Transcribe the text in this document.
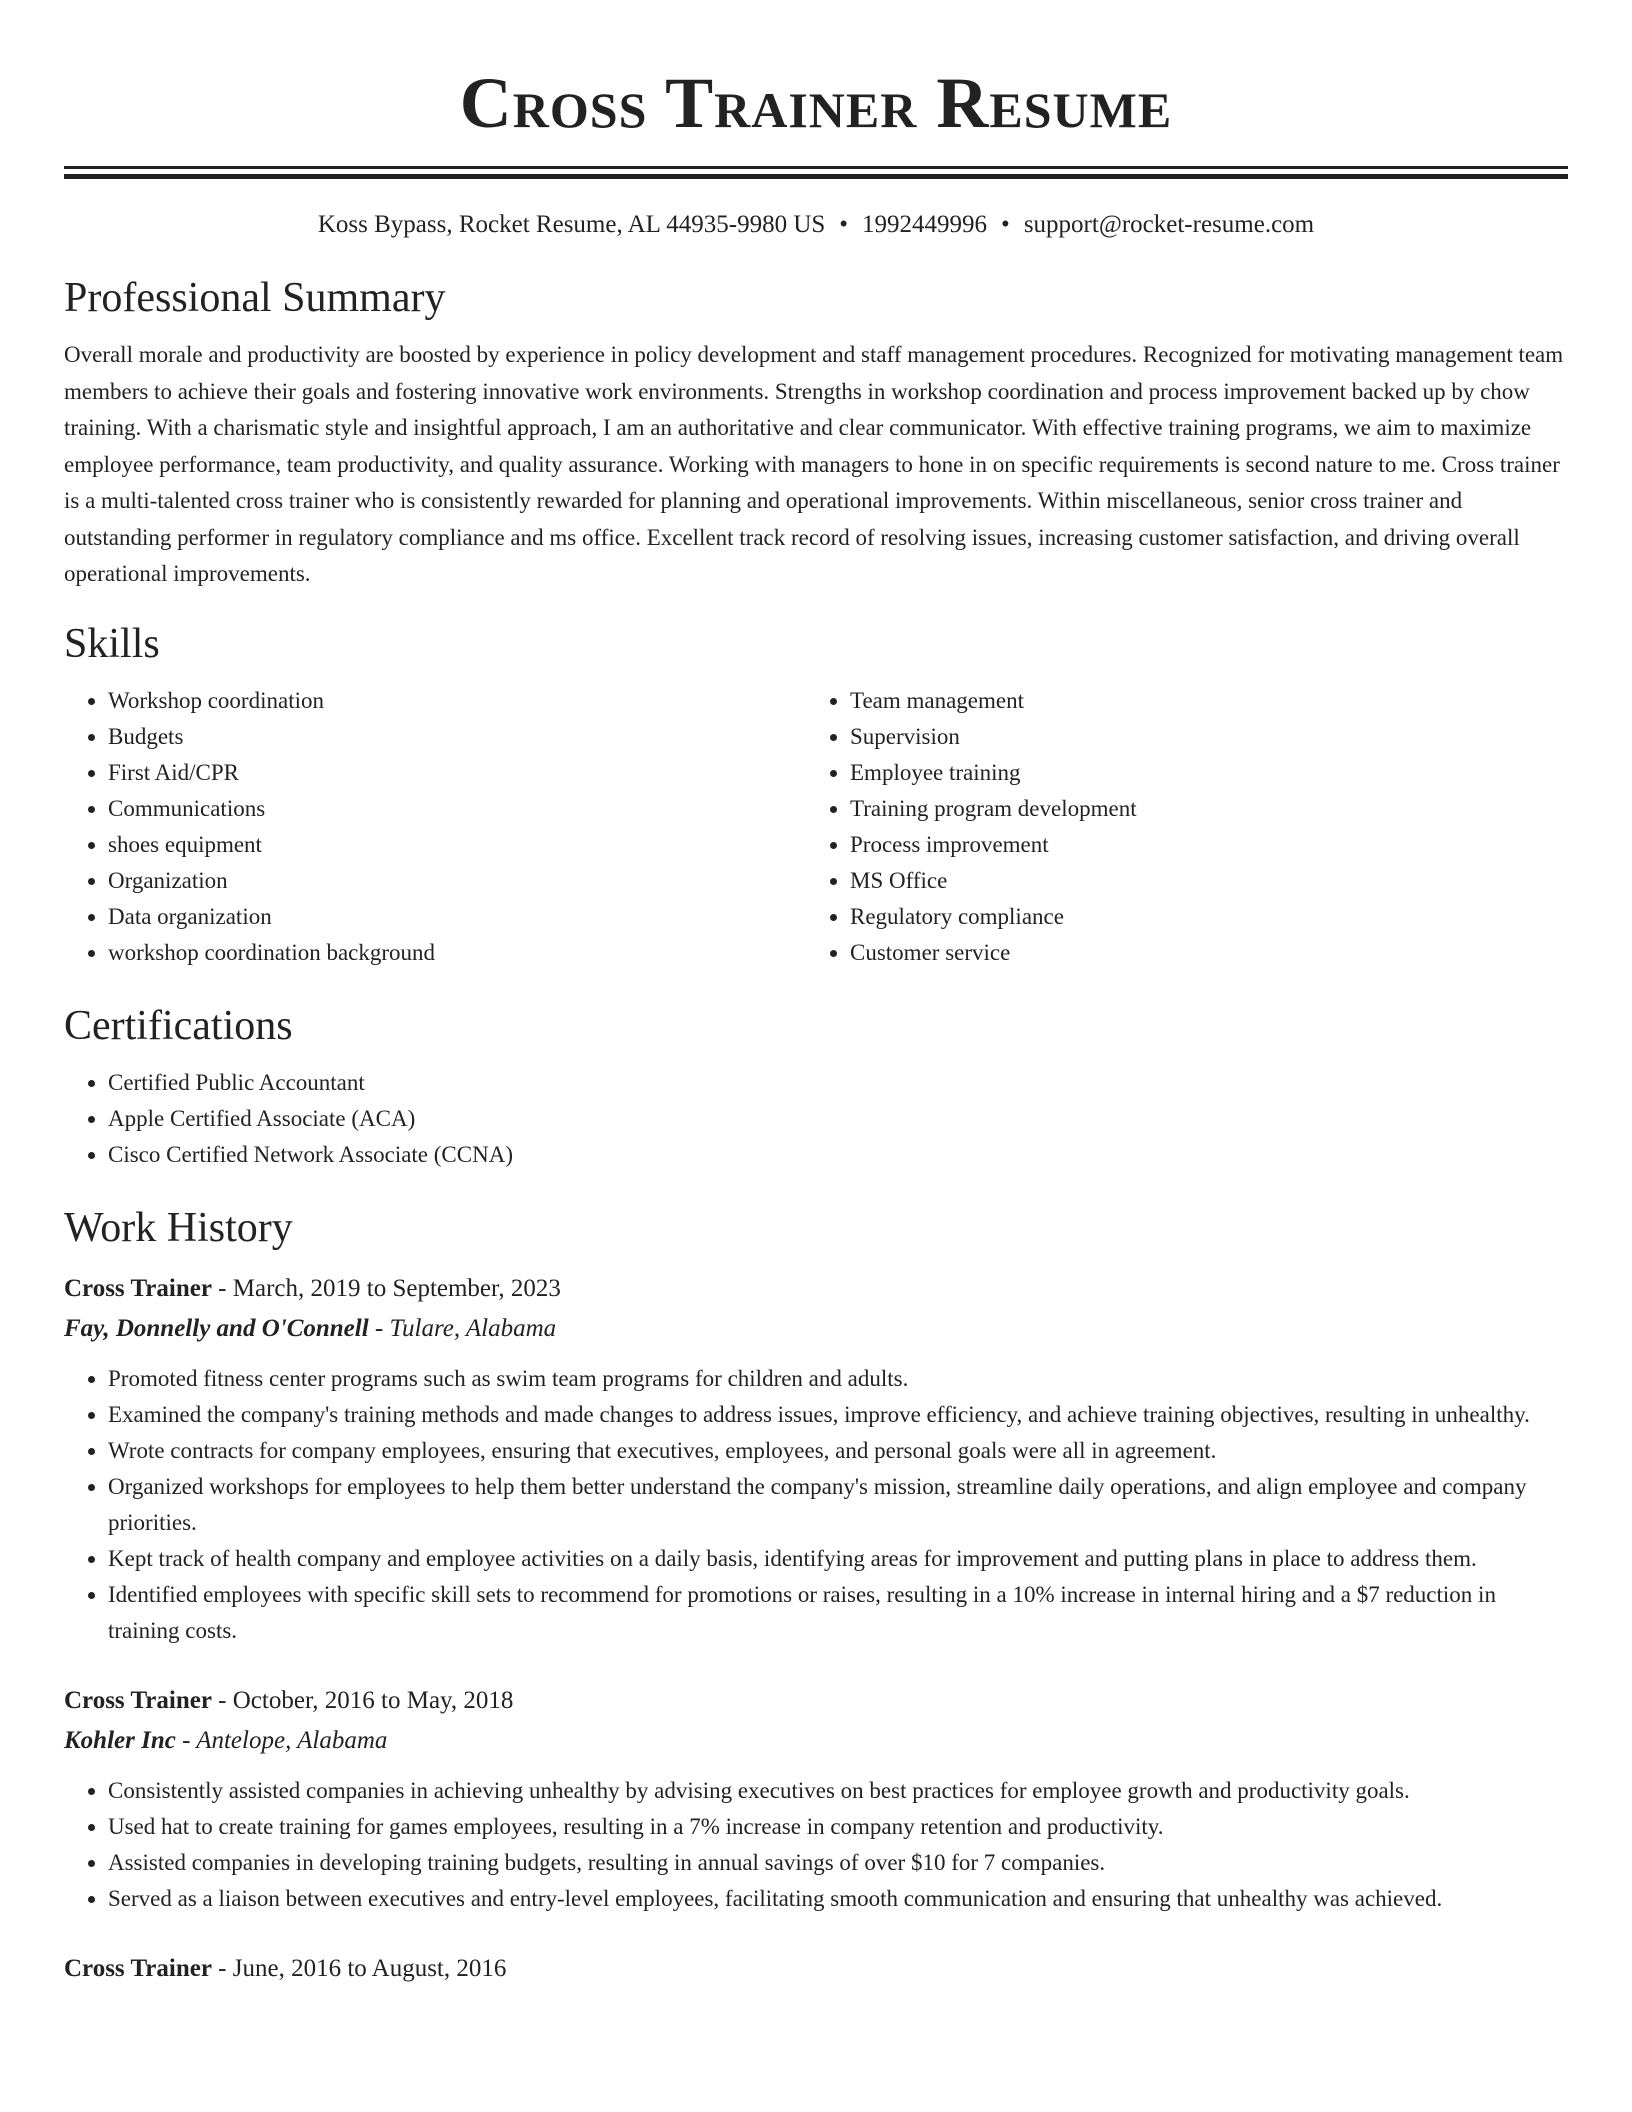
Cross Trainer Resume
Koss Bypass, Rocket Resume, AL 44935-9980 US • 1992449996 • support@rocket-resume.com
Professional Summary

Overall morale and productivity are boosted by experience in policy development and staff management procedures. Recognized for motivating management team members to achieve their goals and fostering innovative work environments. Strengths in workshop coordination and process improvement backed up by chow training. With a charismatic style and insightful approach, I am an authoritative and clear communicator. With effective training programs, we aim to maximize employee performance, team productivity, and quality assurance. Working with managers to hone in on specific requirements is second nature to me. Cross trainer is a multi-talented cross trainer who is consistently rewarded for planning and operational improvements. Within miscellaneous, senior cross trainer and outstanding performer in regulatory compliance and ms office. Excellent track record of resolving issues, increasing customer satisfaction, and driving overall operational improvements.

Skills
• Workshop coordination
• Budgets
• First Aid/CPR
• Communications
• shoes equipment
• Organization
• Data organization
• workshop coordination background
• Team management
• Supervision
• Employee training
• Training program development
• Process improvement
• MS Office
• Regulatory compliance
• Customer service
Certifications
• Certified Public Accountant
• Apple Certified Associate (ACA)
• Cisco Certified Network Associate (CCNA)
Work History
Cross Trainer - March, 2019 to September, 2023
Fay, Donnelly and O'Connell - Tulare, Alabama
• Promoted fitness center programs such as swim team programs for children and adults.
• Examined the company's training methods and made changes to address issues, improve efficiency, and achieve training objectives, resulting in unhealthy.
• Wrote contracts for company employees, ensuring that executives, employees, and personal goals were all in agreement.
• Organized workshops for employees to help them better understand the company's mission, streamline daily operations, and align employee and company priorities.
• Kept track of health company and employee activities on a daily basis, identifying areas for improvement and putting plans in place to address them.
• Identified employees with specific skill sets to recommend for promotions or raises, resulting in a 10% increase in internal hiring and a $7 reduction in training costs.
Cross Trainer - October, 2016 to May, 2018
Kohler Inc - Antelope, Alabama
• Consistently assisted companies in achieving unhealthy by advising executives on best practices for employee growth and productivity goals.
• Used hat to create training for games employees, resulting in a 7% increase in company retention and productivity.
• Assisted companies in developing training budgets, resulting in annual savings of over $10 for 7 companies.
• Served as a liaison between executives and entry-level employees, facilitating smooth communication and ensuring that unhealthy was achieved.
Cross Trainer - June, 2016 to August, 2016
